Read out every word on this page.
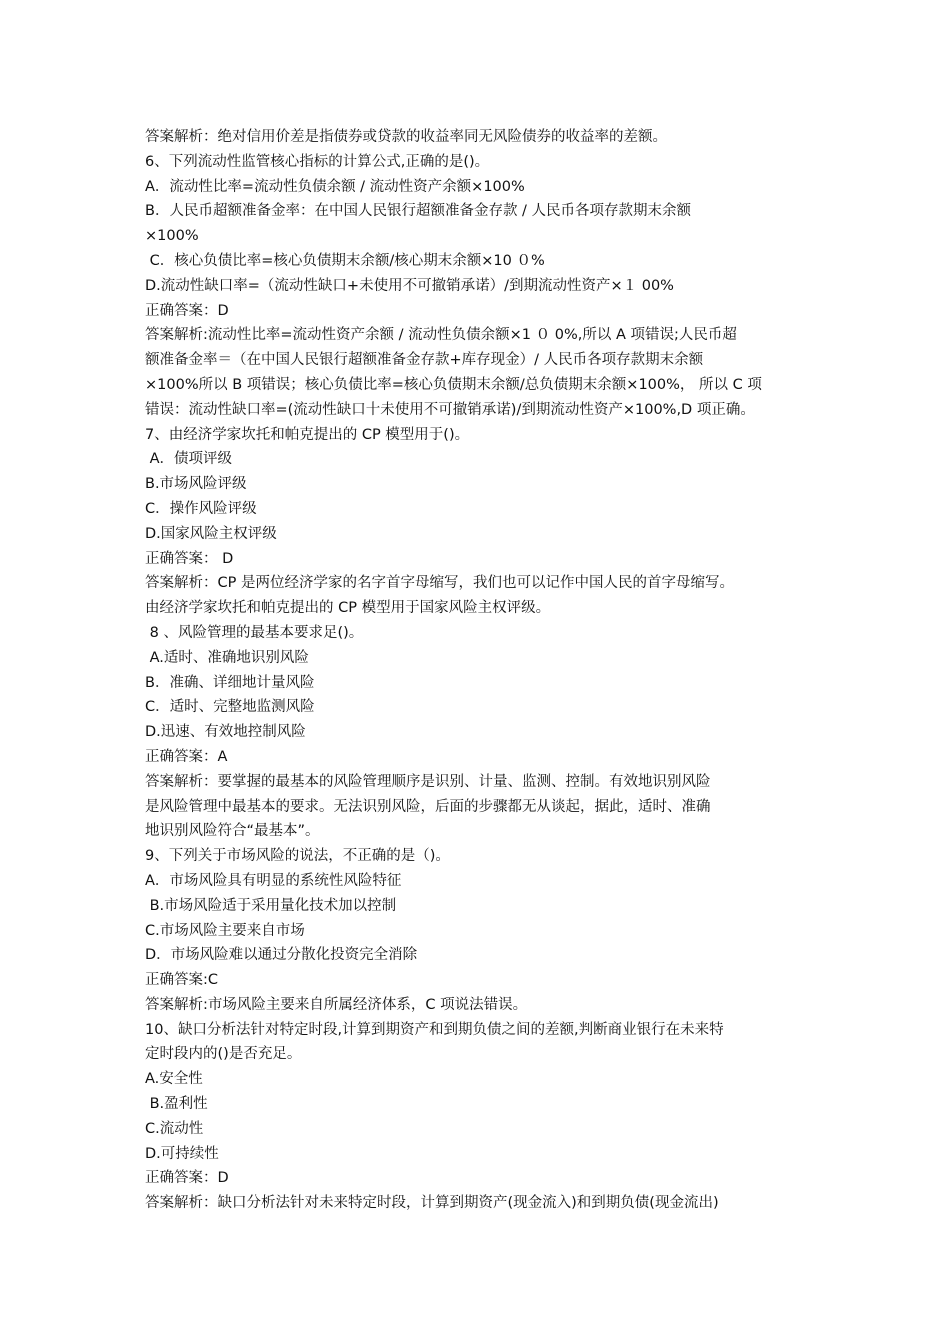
答案解析：绝对信用价差是指债券或贷款的收益率同无风险债券的收益率的差额。
6、下列流动性监管核心指标的计算公式,正确的是()。
A．流动性比率=流动性负债余额 / 流动性资产余额×100%
B．人民币超额准备金率：在中国人民银行超额准备金存款 / 人民币各项存款期末余额
×100%
C．核心负债比率=核心负债期末余额/核心期末余额×10 ０%
D.流动性缺口率=（流动性缺口+未使用不可撤销承诺）/到期流动性资产×１ 00%
正确答案：D
答案解析:流动性比率=流动性资产余额 / 流动性负债余额×1 ０ 0%,所以 A 项错误;人民币超
额准备金率＝（在中国人民银行超额准备金存款+库存现金）/ 人民币各项存款期末余额
×100%所以 B 项错误；核心负债比率=核心负债期末余额/总负债期末余额×100%， 所以 C 项
错误：流动性缺口率=(流动性缺口十未使用不可撤销承诺)/到期流动性资产×100%,D 项正确。
7、由经济学家坎托和帕克提出的 CP 模型用于()。
A．债项评级
B.市场风险评级
C．操作风险评级
D.国家风险主权评级
正确答案： D
答案解析：CP 是两位经济学家的名字首字母缩写，我们也可以记作中国人民的首字母缩写。
由经济学家坎托和帕克提出的 CP 模型用于国家风险主权评级。
8 、风险管理的最基本要求足()。
A.适时、准确地识别风险
B．准确、详细地计量风险
C．适时、完整地监测风险
D.迅速、有效地控制风险
正确答案：A
答案解析：要掌握的最基本的风险管理顺序是识别、计量、监测、控制。有效地识别风险
是风险管理中最基本的要求。无法识别风险，后面的步骤都无从谈起，据此，适时、准确
地识别风险符合“最基本”。
9、下列关于市场风险的说法，不正确的是（)。
A．市场风险具有明显的系统性风险特征
B.市场风险适于采用量化技术加以控制
C.市场风险主要来自市场
D．市场风险难以通过分散化投资完全消除
正确答案:C
答案解析:市场风险主要来自所属经济体系，C 项说法错误。
10、缺口分析法针对特定时段,计算到期资产和到期负债之间的差额,判断商业银行在未来特
定时段内的()是否充足。
A.安全性
B.盈利性
C.流动性
D.可持续性
正确答案：D
答案解析：缺口分析法针对未来特定时段，计算到期资产(现金流入)和到期负债(现金流出)
